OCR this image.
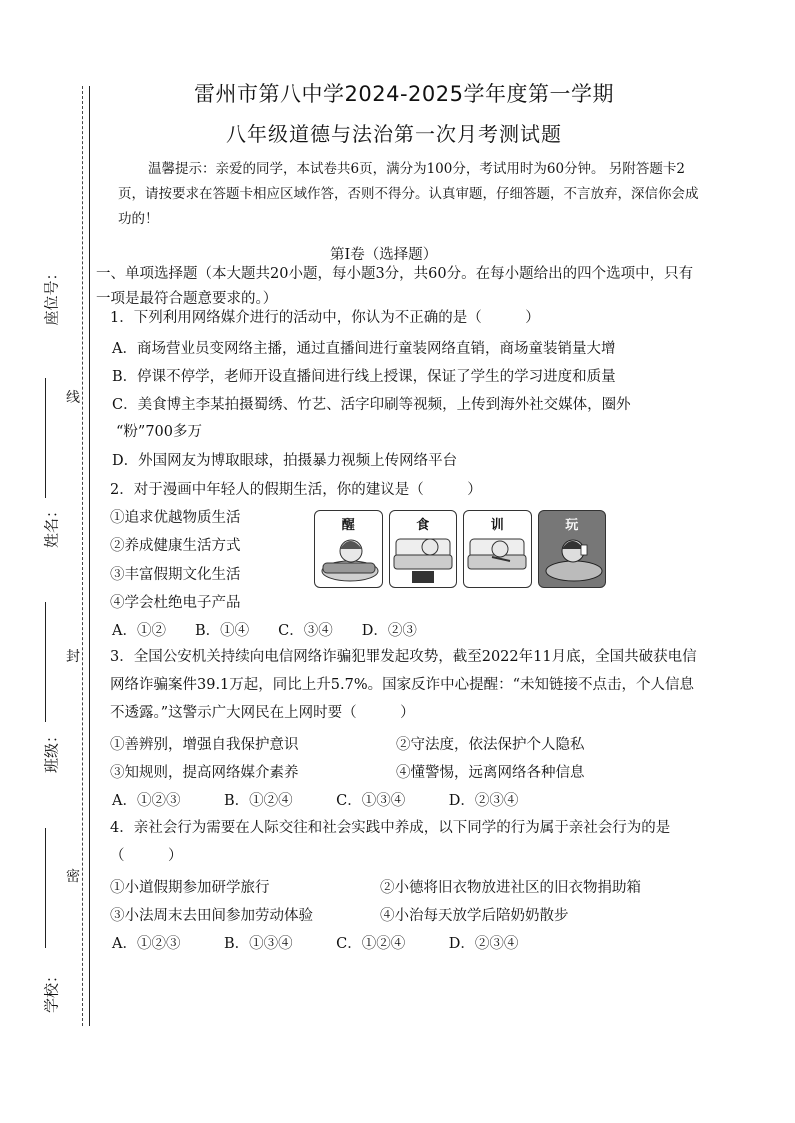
线
封
密
座位号：
姓名：
班级：
学校：
雷州市第八中学2024-2025学年度第一学期
八年级道德与法治第一次月考测试题
温馨提示：亲爱的同学，本试卷共6页，满分为100分，考试用时为60分钟。 另附答题卡2页，请按要求在答题卡相应区域作答，否则不得分。认真审题，仔细答题，不言放弃，深信你会成功的！
第Ⅰ卷（选择题）
一、单项选择题（本大题共20小题，每小题3分，共60分。在每小题给出的四个选项中，只有一项是最符合题意要求的。）
1．下列利用网络媒介进行的活动中，你认为不正确的是（　　　）
A．商场营业员变网络主播，通过直播间进行童装网络直销，商场童装销量大增
B．停课不停学，老师开设直播间进行线上授课，保证了学生的学习进度和质量
C．美食博主李某拍摄蜀绣、竹艺、活字印刷等视频，上传到海外社交媒体，圈外
“粉”700多万
D．外国网友为博取眼球，拍摄暴力视频上传网络平台
2．对于漫画中年轻人的假期生活，你的建议是（　　　）
①追求优越物质生活
②养成健康生活方式
③丰富假期文化生活
④学会杜绝电子产品
A．①②　　B．①④　　C．③④　　D．②③
醒	食	训	玩
3．全国公安机关持续向电信网络诈骗犯罪发起攻势，截至2022年11月底，全国共破获电信网络诈骗案件39.1万起，同比上升5.7%。国家反诈中心提醒：“未知链接不点击，个人信息不透露。”这警示广大网民在上网时要（　　　）
①善辨别，增强自我保护意识	②守法度，依法保护个人隐私
③知规则，提高网络媒介素养	④懂警惕，远离网络各种信息
A．①②③　　　B．①②④　　　C．①③④　　　D．②③④
4．亲社会行为需要在人际交往和社会实践中养成，以下同学的行为属于亲社会行为的是（　　　）
①小道假期参加研学旅行	②小德将旧衣物放进社区的旧衣物捐助箱
③小法周末去田间参加劳动体验	④小治每天放学后陪奶奶散步
A．①②③　　　B．①③④　　　C．①②④　　　D．②③④
